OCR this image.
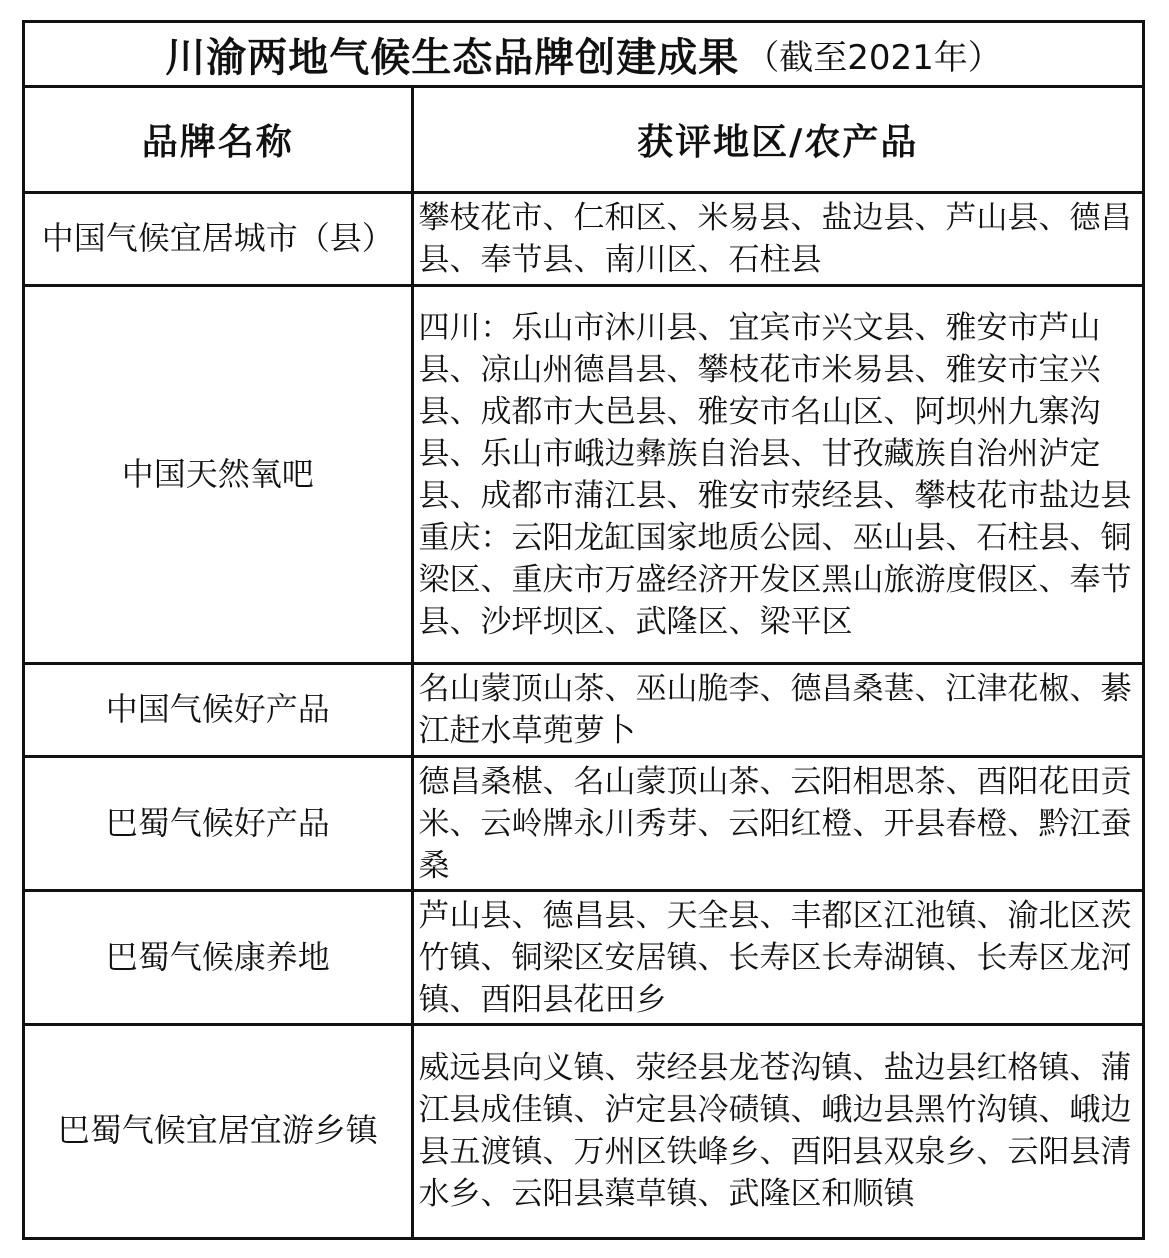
川渝两地气候生态品牌创建成果 （截至2021年）
品牌名称	获评地区/农产品
中国气候宜居城市（县）	攀枝花市、仁和区、米易县、盐边县、芦山县、德昌县、奉节县、南川区、石柱县

中国天然氧吧	四川：乐山市沐川县、宜宾市兴文县、雅安市芦山县、凉山州德昌县、攀枝花市米易县、雅安市宝兴县、成都市大邑县、雅安市名山区、阿坝州九寨沟县、乐山市峨边彝族自治县、甘孜藏族自治州泸定县、成都市蒲江县、雅安市荥经县、攀枝花市盐边县
重庆：云阳龙缸国家地质公园、巫山县、石柱县、铜梁区、重庆市万盛经济开发区黑山旅游度假区、奉节县、沙坪坝区、武隆区、梁平区

中国气候好产品	名山蒙顶山茶、巫山脆李、德昌桑葚、江津花椒、綦江赶水草蔸萝卜

巴蜀气候好产品	德昌桑椹、名山蒙顶山茶、云阳相思茶、酉阳花田贡米、云岭牌永川秀芽、云阳红橙、开县春橙、黔江蚕桑

巴蜀气候康养地	芦山县、德昌县、天全县、丰都区江池镇、渝北区茨竹镇、铜梁区安居镇、长寿区长寿湖镇、长寿区龙河镇、酉阳县花田乡

巴蜀气候宜居宜游乡镇	威远县向义镇、荥经县龙苍沟镇、盐边县红格镇、蒲江县成佳镇、泸定县冷碛镇、峨边县黑竹沟镇、峨边县五渡镇、万州区铁峰乡、酉阳县双泉乡、云阳县清水乡、云阳县蕖草镇、武隆区和顺镇
